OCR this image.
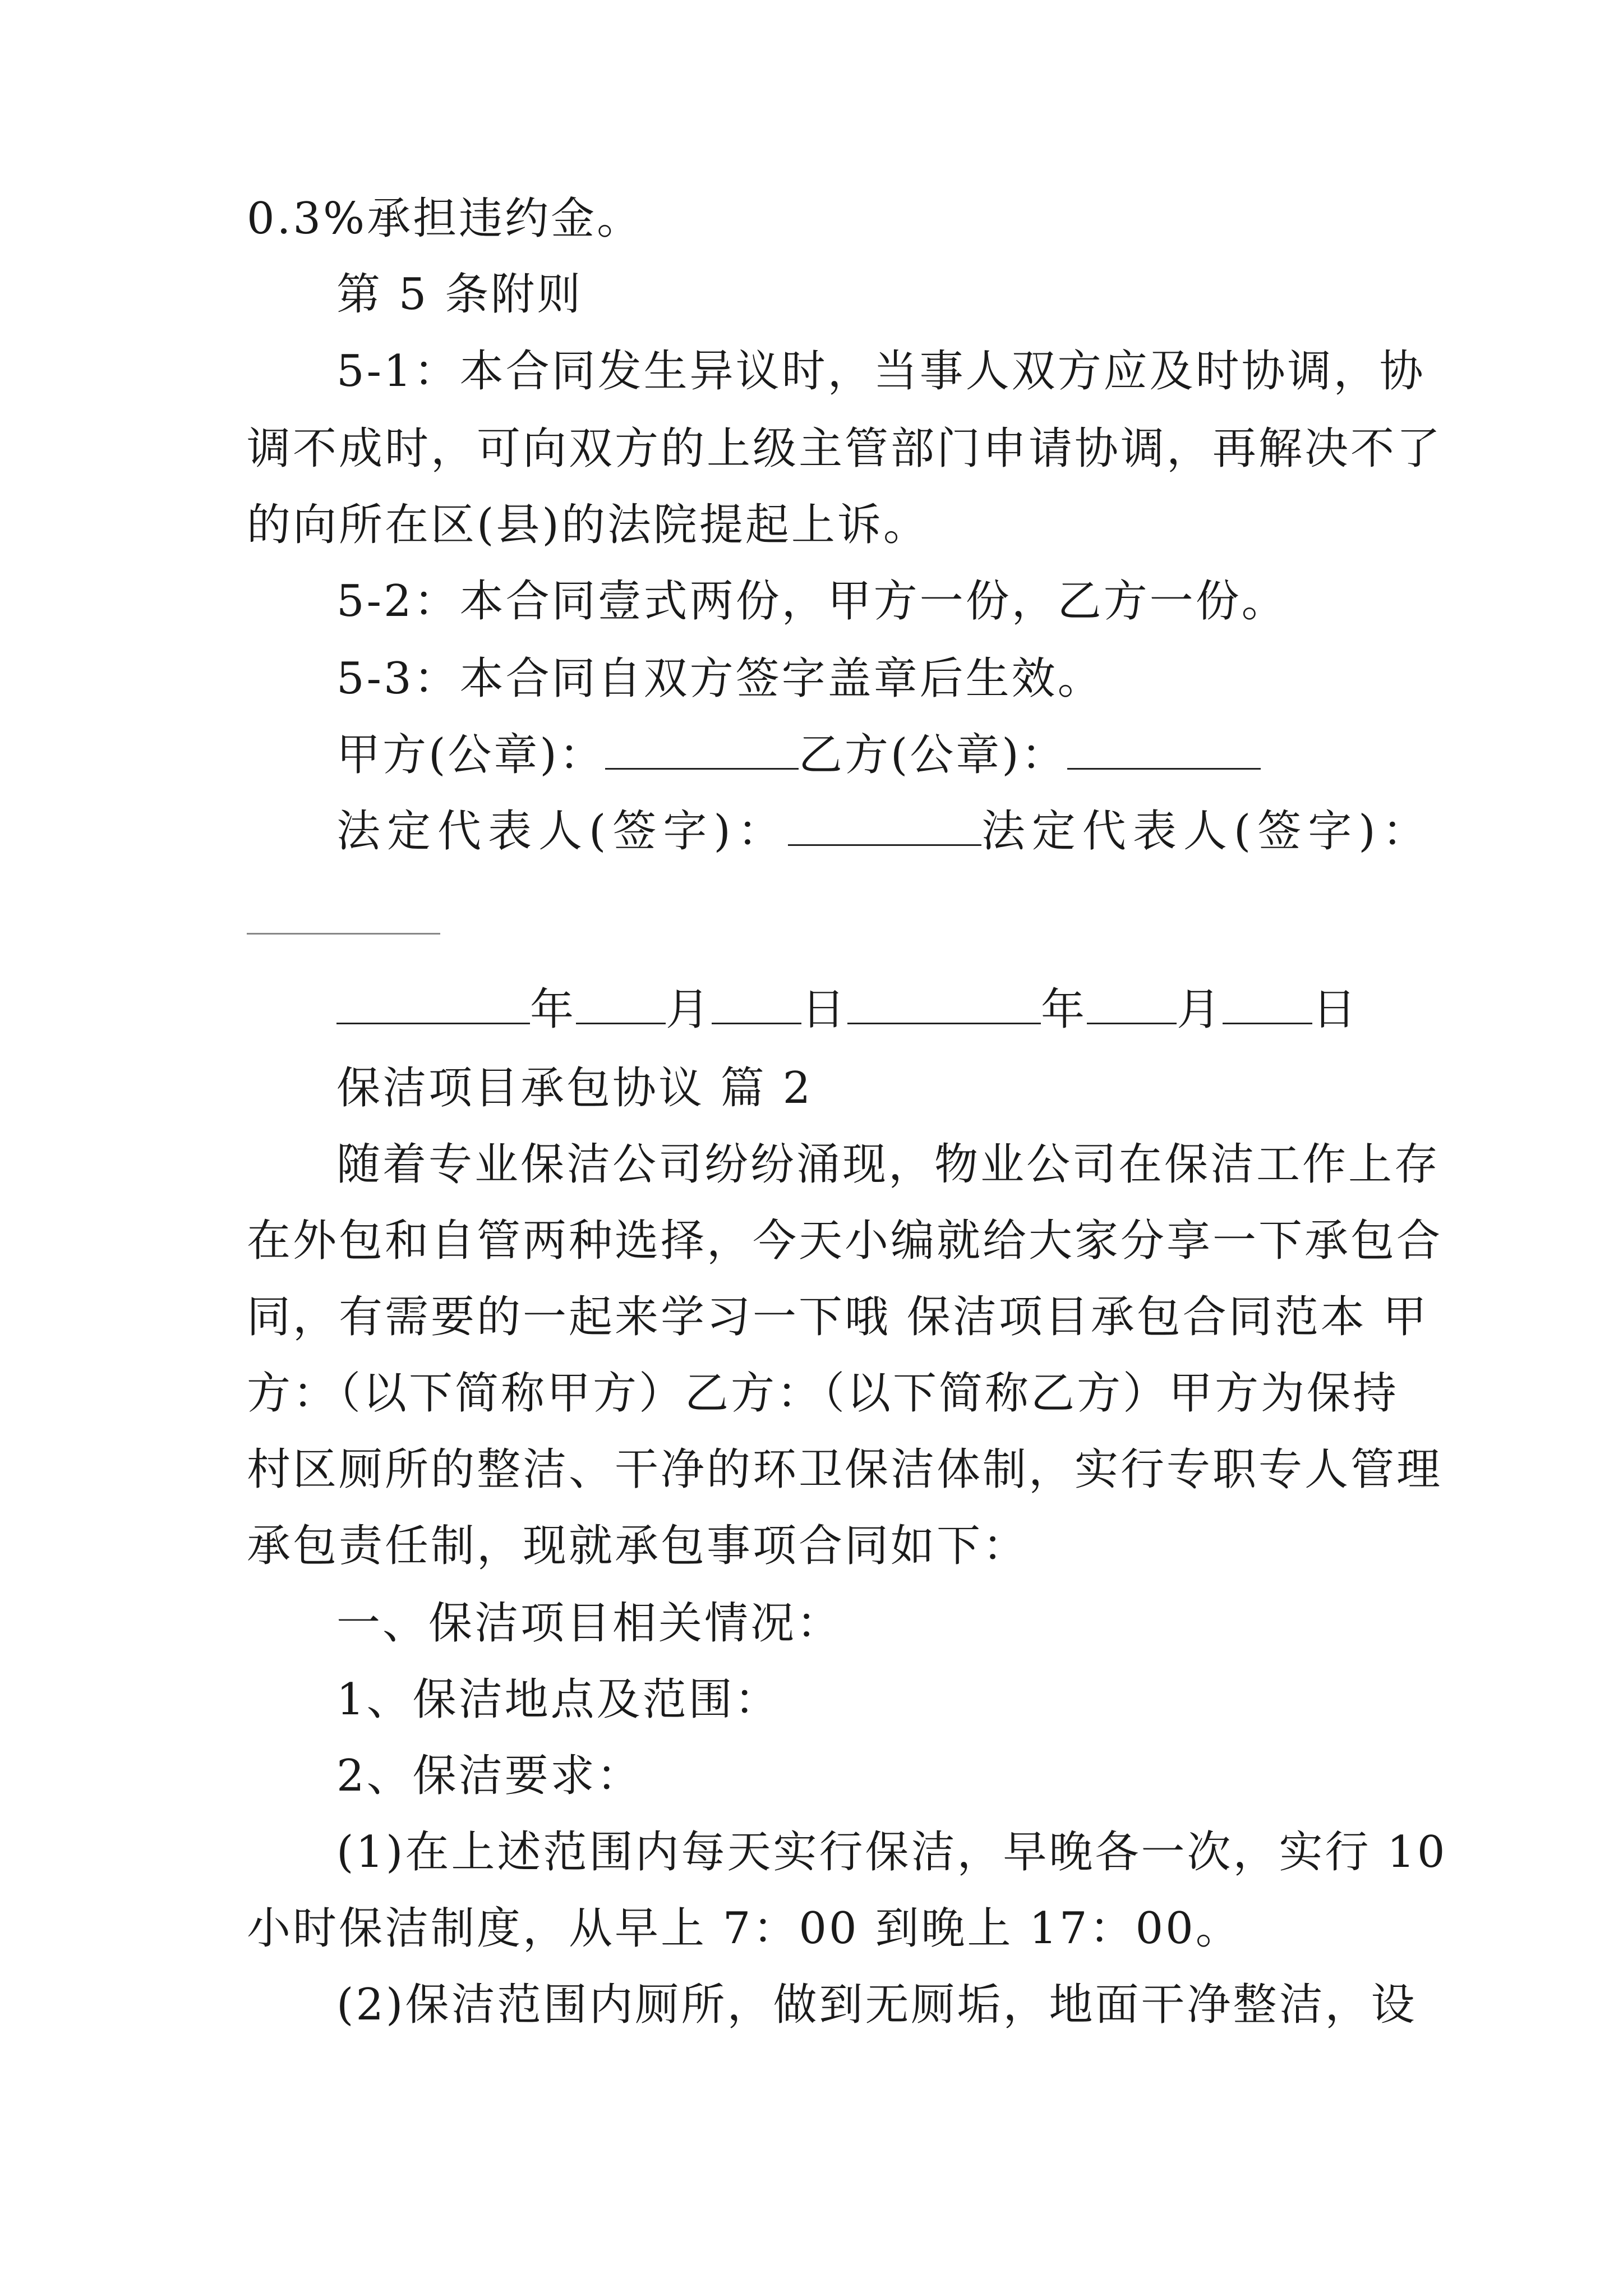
0.3%承担违约金。
第 5 条附则
5-1：本合同发生异议时，当事人双方应及时协调，协
调不成时，可向双方的上级主管部门申请协调，再解决不了
的向所在区(县)的法院提起上诉。
5-2：本合同壹式两份，甲方一份，乙方一份。
5-3：本合同自双方签字盖章后生效。
甲方(公章)：	乙方(公章)：
法定代表人(签字)：	法定代表人(签字)：
年 月 日	年 月 日
保洁项目承包协议 篇 2
随着专业保洁公司纷纷涌现，物业公司在保洁工作上存
在外包和自管两种选择，今天小编就给大家分享一下承包合
同，有需要的一起来学习一下哦 保洁项目承包合同范本 甲
方：（以下简称甲方）乙方：（以下简称乙方）甲方为保持
村区厕所的整洁、干净的环卫保洁体制，实行专职专人管理
承包责任制，现就承包事项合同如下：
一、保洁项目相关情况：
1、保洁地点及范围：
2、保洁要求：
(1)在上述范围内每天实行保洁，早晚各一次，实行 10
小时保洁制度，从早上 7：00 到晚上 17：00。
(2)保洁范围内厕所，做到无厕垢，地面干净整洁，设
